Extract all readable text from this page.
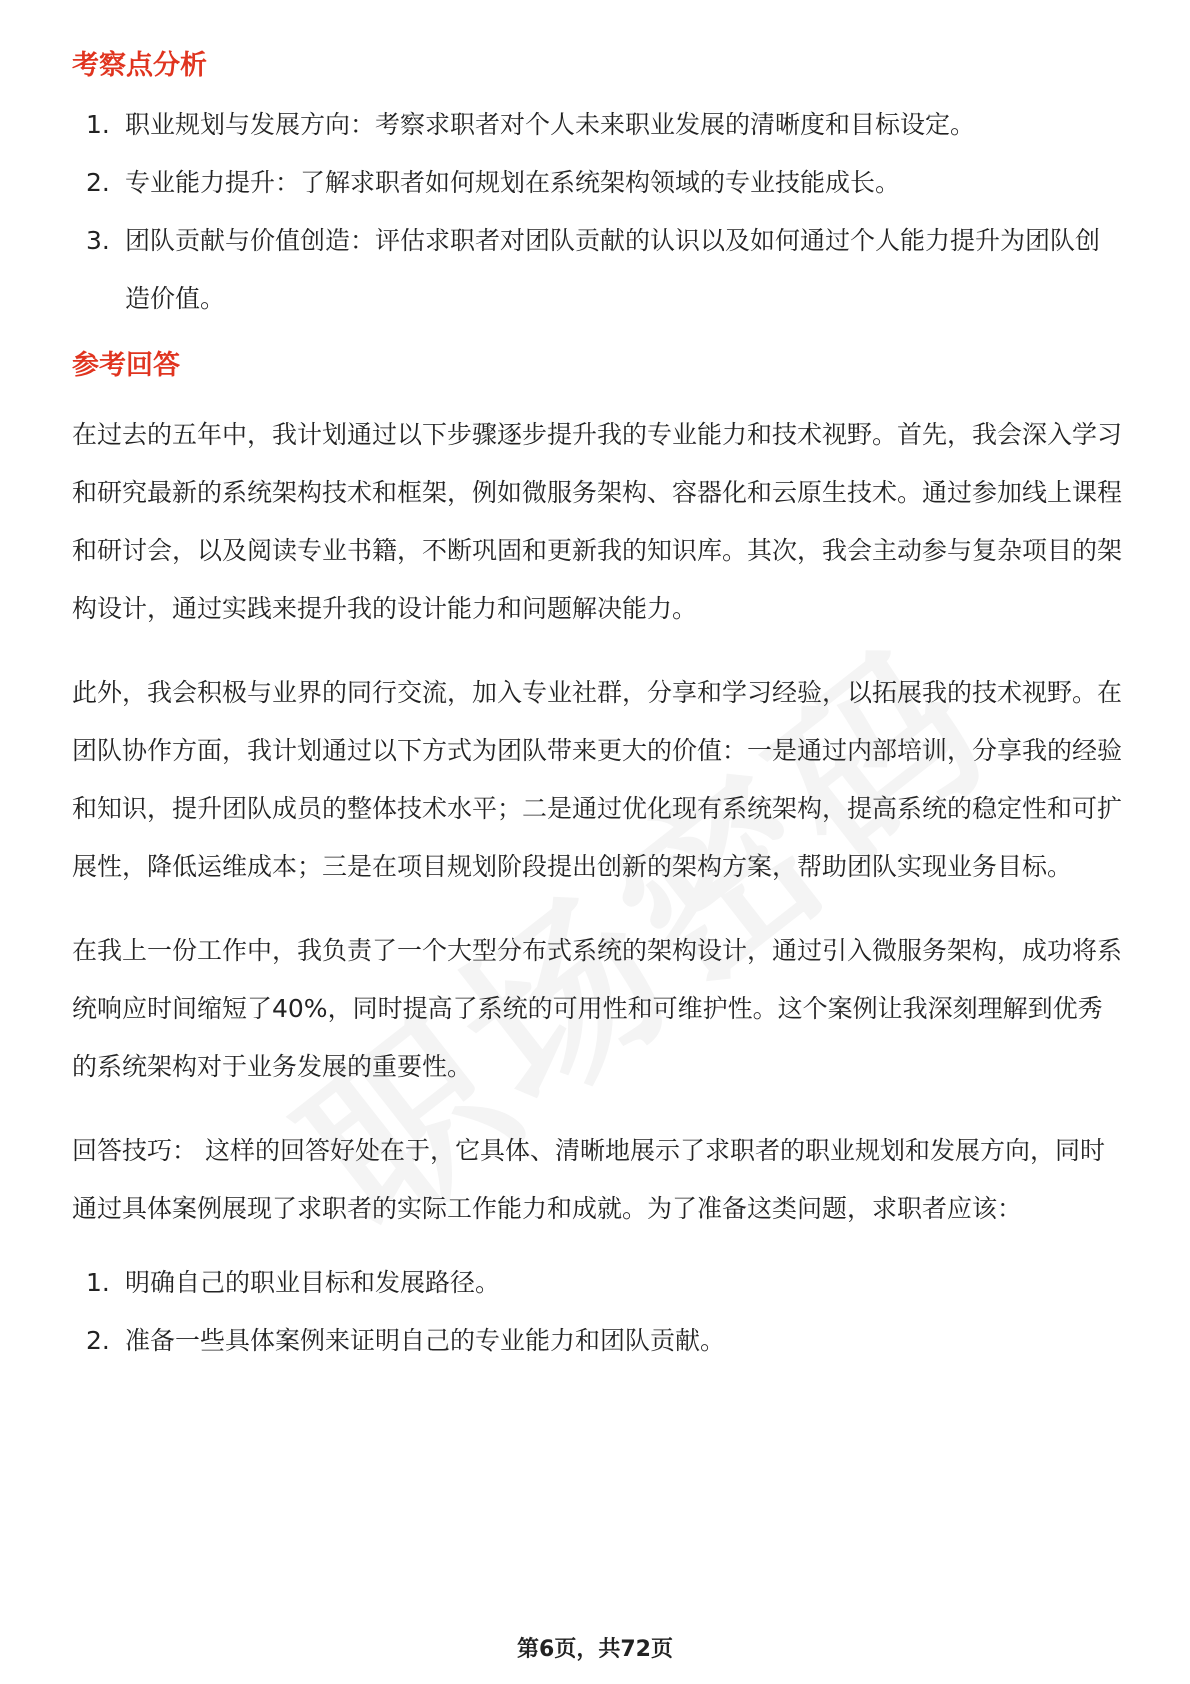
考察点分析
1. 职业规划与发展方向：考察求职者对个人未来职业发展的清晰度和目标设定。
2. 专业能力提升：了解求职者如何规划在系统架构领域的专业技能成长。
3. 团队贡献与价值创造：评估求职者对团队贡献的认识以及如何通过个人能力提升为团队创造价值。
参考回答

在过去的五年中，我计划通过以下步骤逐步提升我的专业能力和技术视野。首先，我会深入学习和研究最新的系统架构技术和框架，例如微服务架构、容器化和云原生技术。通过参加线上课程和研讨会，以及阅读专业书籍，不断巩固和更新我的知识库。其次，我会主动参与复杂项目的架构设计，通过实践来提升我的设计能力和问题解决能力。

此外，我会积极与业界的同行交流，加入专业社群，分享和学习经验，以拓展我的技术视野。在团队协作方面，我计划通过以下方式为团队带来更大的价值：一是通过内部培训，分享我的经验和知识，提升团队成员的整体技术水平；二是通过优化现有系统架构，提高系统的稳定性和可扩展性，降低运维成本；三是在项目规划阶段提出创新的架构方案，帮助团队实现业务目标。

在我上一份工作中，我负责了一个大型分布式系统的架构设计，通过引入微服务架构，成功将系统响应时间缩短了40%，同时提高了系统的可用性和可维护性。这个案例让我深刻理解到优秀的系统架构对于业务发展的重要性。

回答技巧： 这样的回答好处在于，它具体、清晰地展示了求职者的职业规划和发展方向，同时通过具体案例展现了求职者的实际工作能力和成就。为了准备这类问题，求职者应该：

1. 明确自己的职业目标和发展路径。
2. 准备一些具体案例来证明自己的专业能力和团队贡献。
第6页，共72页
